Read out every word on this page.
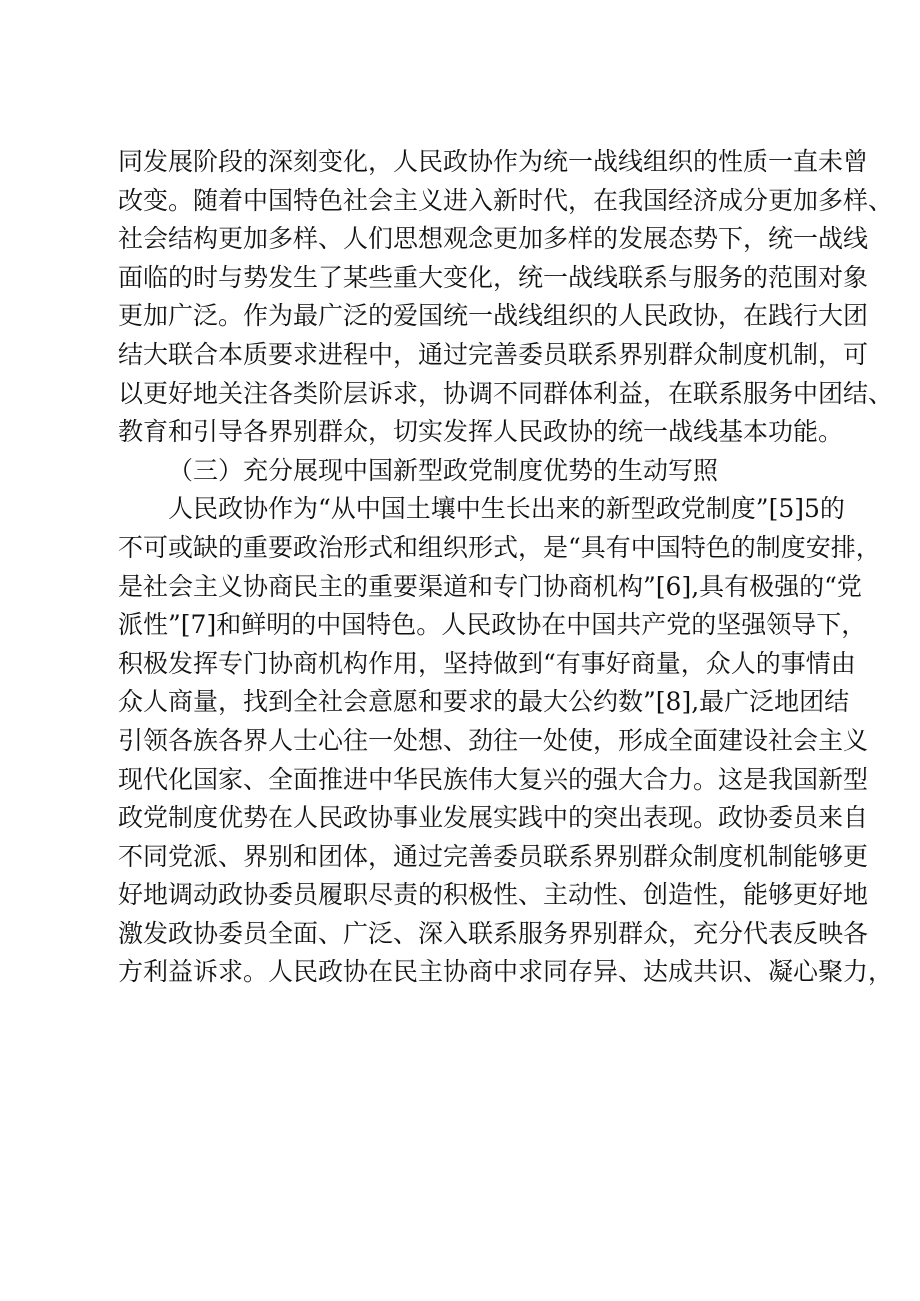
同发展阶段的深刻变化，人民政协作为统一战线组织的性质一直未曾
改变。随着中国特色社会主义进入新时代，在我国经济成分更加多样、
社会结构更加多样、人们思想观念更加多样的发展态势下，统一战线
面临的时与势发生了某些重大变化，统一战线联系与服务的范围对象
更加广泛。作为最广泛的爱国统一战线组织的人民政协，在践行大团
结大联合本质要求进程中，通过完善委员联系界别群众制度机制，可
以更好地关注各类阶层诉求，协调不同群体利益，在联系服务中团结、
教育和引导各界别群众，切实发挥人民政协的统一战线基本功能。
（三）充分展现中国新型政党制度优势的生动写照
人民政协作为“从中国土壤中生长出来的新型政党制度”[5]5的
不可或缺的重要政治形式和组织形式，是“具有中国特色的制度安排，
是社会主义协商民主的重要渠道和专门协商机构”[6],具有极强的“党
派性”[7]和鲜明的中国特色。人民政协在中国共产党的坚强领导下，
积极发挥专门协商机构作用，坚持做到“有事好商量，众人的事情由
众人商量，找到全社会意愿和要求的最大公约数”[8],最广泛地团结
引领各族各界人士心往一处想、劲往一处使，形成全面建设社会主义
现代化国家、全面推进中华民族伟大复兴的强大合力。这是我国新型
政党制度优势在人民政协事业发展实践中的突出表现。政协委员来自
不同党派、界别和团体，通过完善委员联系界别群众制度机制能够更
好地调动政协委员履职尽责的积极性、主动性、创造性，能够更好地
激发政协委员全面、广泛、深入联系服务界别群众，充分代表反映各
方利益诉求。人民政协在民主协商中求同存异、达成共识、凝心聚力，
